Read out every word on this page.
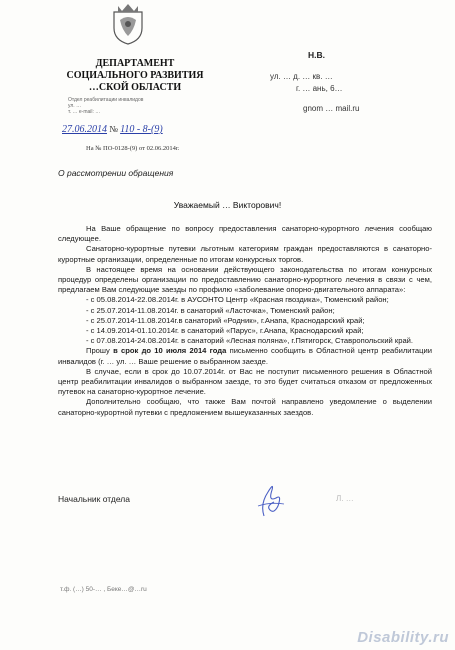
ДЕПАРТАМЕНТ
СОЦИАЛЬНОГО РАЗВИТИЯ
…СКОЙ ОБЛАСТИ
Отдел реабилитации инвалидов
ул. …
т. … e-mail: …
27.06.2014 № 110 - 8-(9)
На № ПО-0128-(9) от 02.06.2014г.
Н.В.
ул. … д. … кв. …
г. … ань, 6…
gnom … mail.ru
О рассмотрении обращения
Уважаемый … Викторович!

На Ваше обращение по вопросу предоставления санаторно-курортного лечения сообщаю следующее.

Санаторно-курортные путевки льготным категориям граждан предоставляются в санаторно-курортные организации, определенные по итогам конкурсных торгов.

В настоящее время на основании действующего законодательства по итогам конкурсных процедур определены организации по предоставлению санаторно-курортного лечения в связи с чем, предлагаем Вам следующие заезды по профилю «заболевание опорно-двигательного аппарата»:

- с 05.08.2014-22.08.2014г. в АУСОНТО Центр «Красная гвоздика», Тюменский район;

- с 25.07.2014-11.08.2014г. в санаторий «Ласточка», Тюменский район;

- с 25.07.2014-11.08.2014г.в санаторий «Родник», г.Анапа, Краснодарский край;

- с 14.09.2014-01.10.2014г. в санаторий «Парус», г.Анапа, Краснодарский край;

- с 07.08.2014-24.08.2014г. в санаторий «Лесная поляна», г.Пятигорск, Ставропольский край.

Прошу в срок до 10 июля 2014 года письменно сообщить в Областной центр реабилитации инвалидов (г. … ул. … Ваше решение о выбранном заезде.

В случае, если в срок до 10.07.2014г. от Вас не поступит письменного решения в Областной центр реабилитации инвалидов о выбранном заезде, то это будет считаться отказом от предложенных путевок на санаторно-курортное лечение.

Дополнительно сообщаю, что также Вам почтой направлено уведомление о выделении санаторно-курортной путевки с предложением вышеуказанных заездов.

Начальник отдела	Л. …
т.ф. (…) 50-… , Беке…@…ru
Disability.ru
